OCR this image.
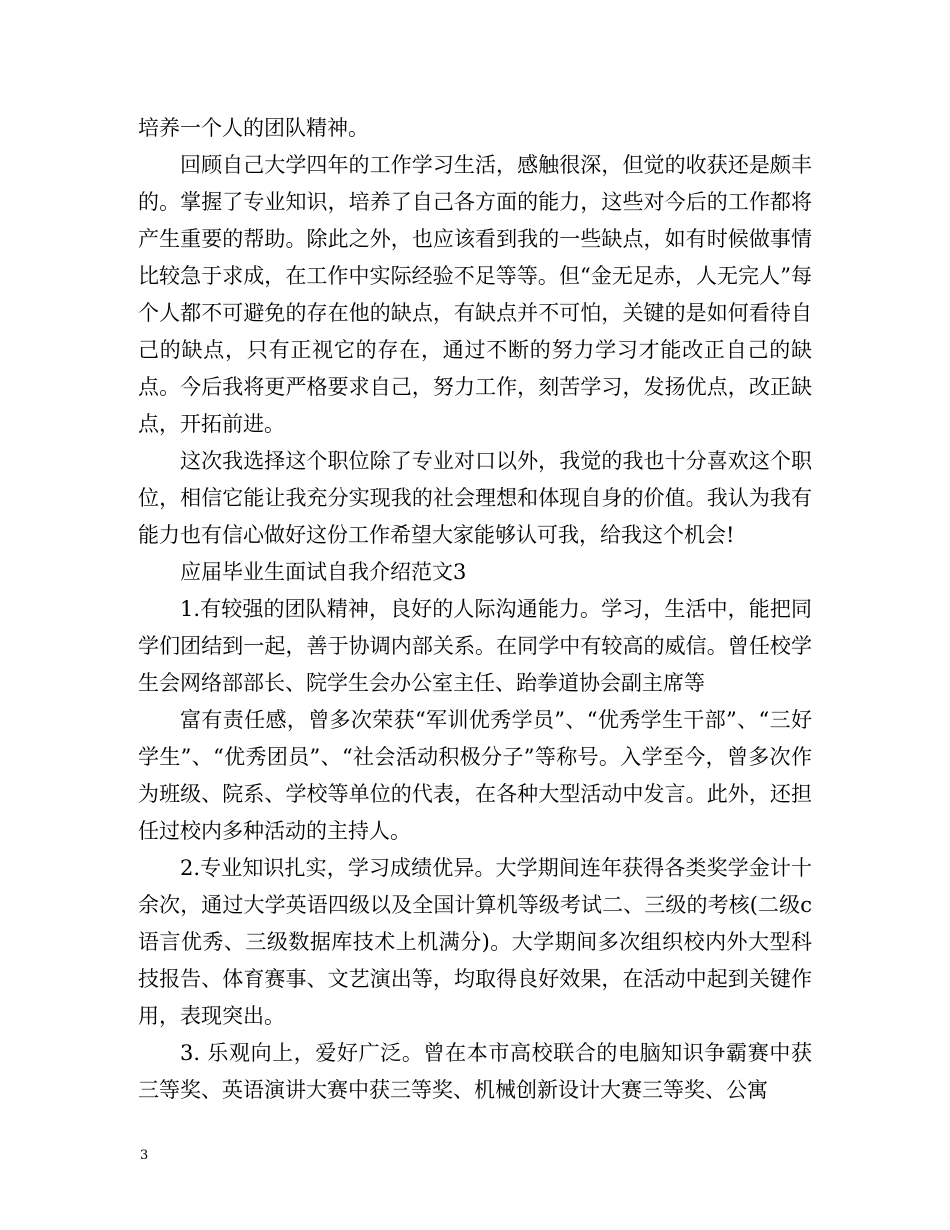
培养一个人的团队精神。

回顾自己大学四年的工作学习生活，感触很深，但觉的收获还是颇丰的。掌握了专业知识，培养了自己各方面的能力，这些对今后的工作都将产生重要的帮助。除此之外，也应该看到我的一些缺点，如有时候做事情比较急于求成，在工作中实际经验不足等等。但“金无足赤，人无完人”每个人都不可避免的存在他的缺点，有缺点并不可怕，关键的是如何看待自己的缺点，只有正视它的存在，通过不断的努力学习才能改正自己的缺点。今后我将更严格要求自己，努力工作，刻苦学习，发扬优点，改正缺点，开拓前进。

这次我选择这个职位除了专业对口以外，我觉的我也十分喜欢这个职位，相信它能让我充分实现我的社会理想和体现自身的价值。我认为我有能力也有信心做好这份工作希望大家能够认可我，给我这个机会!

应届毕业生面试自我介绍范文3

1.有较强的团队精神，良好的人际沟通能力。学习，生活中，能把同学们团结到一起，善于协调内部关系。在同学中有较高的威信。曾任校学生会网络部部长、院学生会办公室主任、跆拳道协会副主席等

富有责任感，曾多次荣获“军训优秀学员”、“优秀学生干部”、“三好学生”、“优秀团员”、“社会活动积极分子”等称号。入学至今，曾多次作为班级、院系、学校等单位的代表，在各种大型活动中发言。此外，还担任过校内多种活动的主持人。

2.专业知识扎实，学习成绩优异。大学期间连年获得各类奖学金计十余次，通过大学英语四级以及全国计算机等级考试二、三级的考核(二级c语言优秀、三级数据库技术上机满分)。大学期间多次组织校内外大型科技报告、体育赛事、文艺演出等，均取得良好效果，在活动中起到关键作用，表现突出。

3. 乐观向上，爱好广泛。曾在本市高校联合的电脑知识争霸赛中获三等奖、英语演讲大赛中获三等奖、机械创新设计大赛三等奖、公寓

3
